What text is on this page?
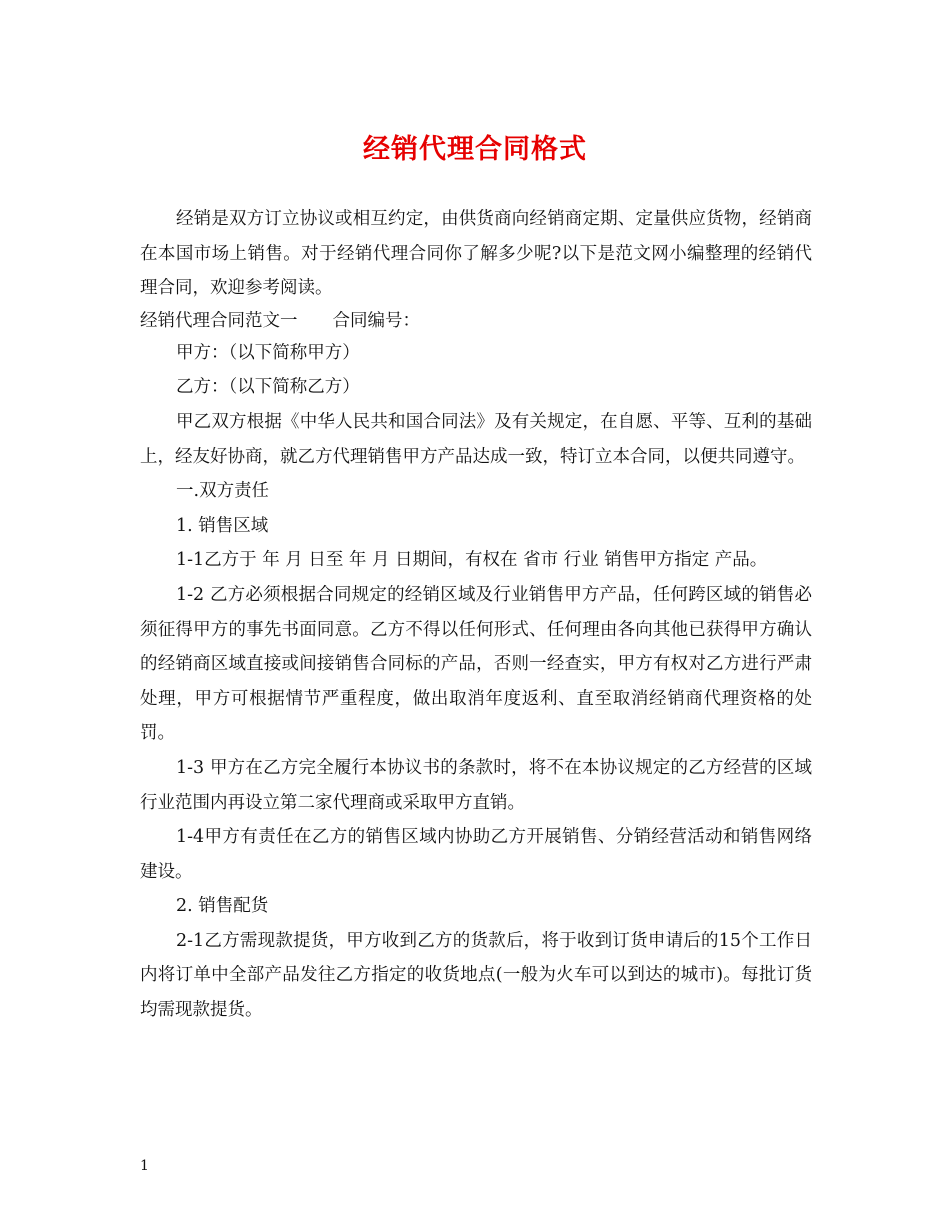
经销代理合同格式

经销是双方订立协议或相互约定，由供货商向经销商定期、定量供应货物，经销商在本国市场上销售。对于经销代理合同你了解多少呢?以下是范文网小编整理的经销代理合同，欢迎参考阅读。

经销代理合同范文一　　合同编号：

甲方：（以下简称甲方）

乙方：（以下简称乙方）

甲乙双方根据《中华人民共和国合同法》及有关规定，在自愿、平等、互利的基础上，经友好协商，就乙方代理销售甲方产品达成一致，特订立本合同，以便共同遵守。

一.双方责任

1. 销售区域

1-1乙方于 年 月 日至 年 月 日期间，有权在 省市 行业 销售甲方指定 产品。

1-2 乙方必须根据合同规定的经销区域及行业销售甲方产品，任何跨区域的销售必须征得甲方的事先书面同意。乙方不得以任何形式、任何理由各向其他已获得甲方确认的经销商区域直接或间接销售合同标的产品，否则一经查实，甲方有权对乙方进行严肃处理，甲方可根据情节严重程度，做出取消年度返利、直至取消经销商代理资格的处罚。

1-3 甲方在乙方完全履行本协议书的条款时，将不在本协议规定的乙方经营的区域行业范围内再设立第二家代理商或采取甲方直销。

1-4甲方有责任在乙方的销售区域内协助乙方开展销售、分销经营活动和销售网络建设。

2. 销售配货

2-1乙方需现款提货，甲方收到乙方的货款后，将于收到订货申请后的15个工作日内将订单中全部产品发往乙方指定的收货地点(一般为火车可以到达的城市)。每批订货均需现款提货。

1
